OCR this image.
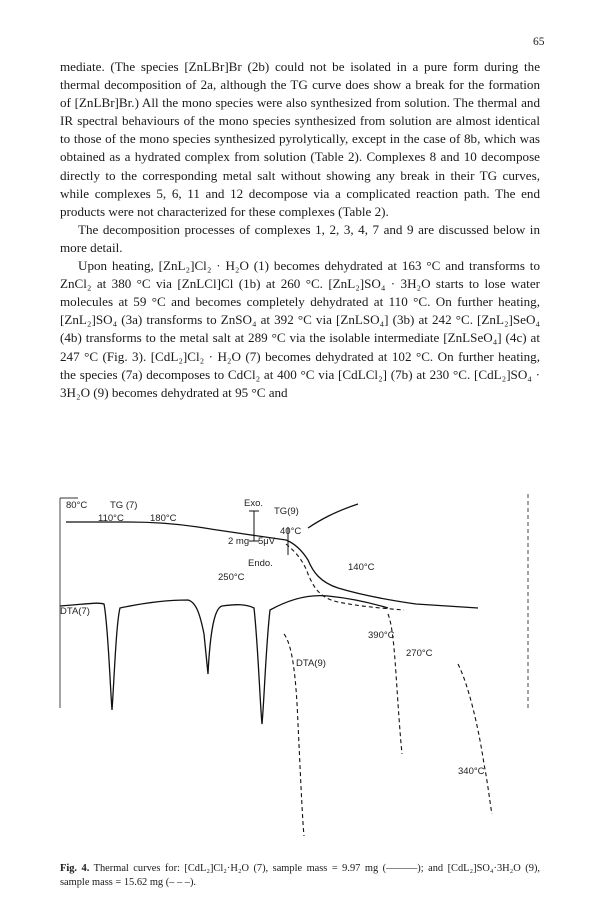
65

mediate. (The species [ZnLBr]Br (2b) could not be isolated in a pure form during the thermal decomposition of 2a, although the TG curve does show a break for the formation of [ZnLBr]Br.) All the mono species were also synthesized from solution. The thermal and IR spectral behaviours of the mono species synthesized from solution are almost identical to those of the mono species synthesized pyrolytically, except in the case of 8b, which was obtained as a hydrated complex from solution (Table 2). Complexes 8 and 10 decompose directly to the corresponding metal salt without showing any break in their TG curves, while complexes 5, 6, 11 and 12 decompose via a complicated reaction path. The end products were not characterized for these complexes (Table 2).

The decomposition processes of complexes 1, 2, 3, 4, 7 and 9 are discussed below in more detail.

Upon heating, [ZnL₂]Cl₂ · H₂O (1) becomes dehydrated at 163 °C and transforms to ZnCl₂ at 380 °C via [ZnLCl]Cl (1b) at 260 °C. [ZnL₂]SO₄ · 3H₂O starts to lose water molecules at 59 °C and becomes completely dehydrated at 110 °C. On further heating, [ZnL₂]SO₄ (3a) transforms to ZnSO₄ at 392 °C via [ZnLSO₄] (3b) at 242 °C. [ZnL₂]SeO₄ (4b) transforms to the metal salt at 289 °C via the isolable intermediate [ZnLSeO₄] (4c) at 247 °C (Fig. 3). [CdL₂]Cl₂ · H₂O (7) becomes dehydrated at 102 °C. On further heating, the species (7a) decomposes to CdCl₂ at 400 °C via [CdLCl₂] (7b) at 230 °C. [CdL₂]SO₄ · 3H₂O (9) becomes dehydrated at 95 °C and

80°C TG (7)
110°C	180°C
Exo.
TG(9)
40°C
2 mg 5μV
Endo.	140°C
250°C
DTA(7)
390°C
270°C
DTA(9)
340°C
Fig. 4. Thermal curves for: [CdL₂]Cl₂·H₂O (7), sample mass = 9.97 mg (———); and [CdL₂]SO₄·3H₂O (9), sample mass = 15.62 mg (– – –).
